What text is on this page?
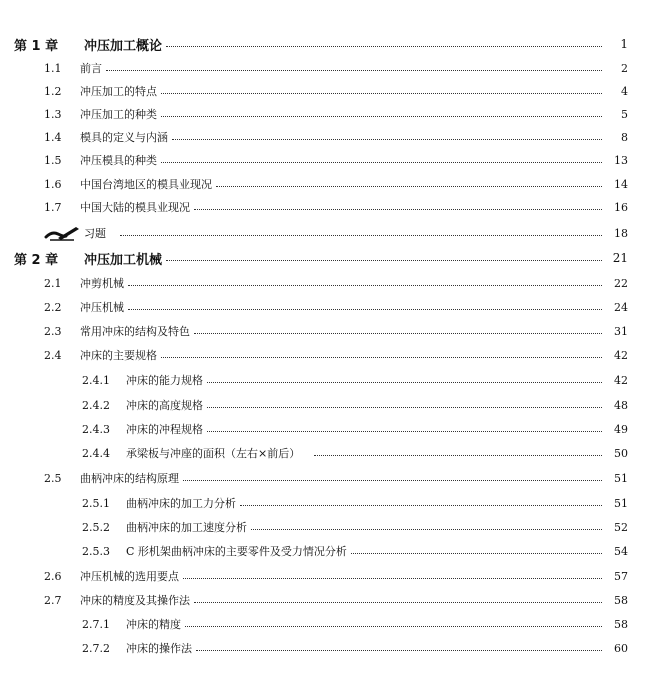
第 1 章	冲压加工概论	1
1.1	前言	2
1.2	冲压加工的特点	4
1.3	冲压加工的种类	5
1.4	模具的定义与内涵	8
1.5	冲压模具的种类	13
1.6	中国台湾地区的模具业现况	14
1.7	中国大陆的模具业现况	16
习题	18
第 2 章	冲压加工机械	21
2.1	冲剪机械	22
2.2	冲压机械	24
2.3	常用冲床的结构及特色	31
2.4	冲床的主要规格	42
2.4.1	冲床的能力规格	42
2.4.2	冲床的高度规格	48
2.4.3	冲床的冲程规格	49
2.4.4	承梁板与冲座的面积（左右×前后）	50
2.5	曲柄冲床的结构原理	51
2.5.1	曲柄冲床的加工力分析	51
2.5.2	曲柄冲床的加工速度分析	52
2.5.3	C 形机架曲柄冲床的主要零件及受力情况分析	54
2.6	冲压机械的选用要点	57
2.7	冲床的精度及其操作法	58
2.7.1	冲床的精度	58
2.7.2	冲床的操作法	60
